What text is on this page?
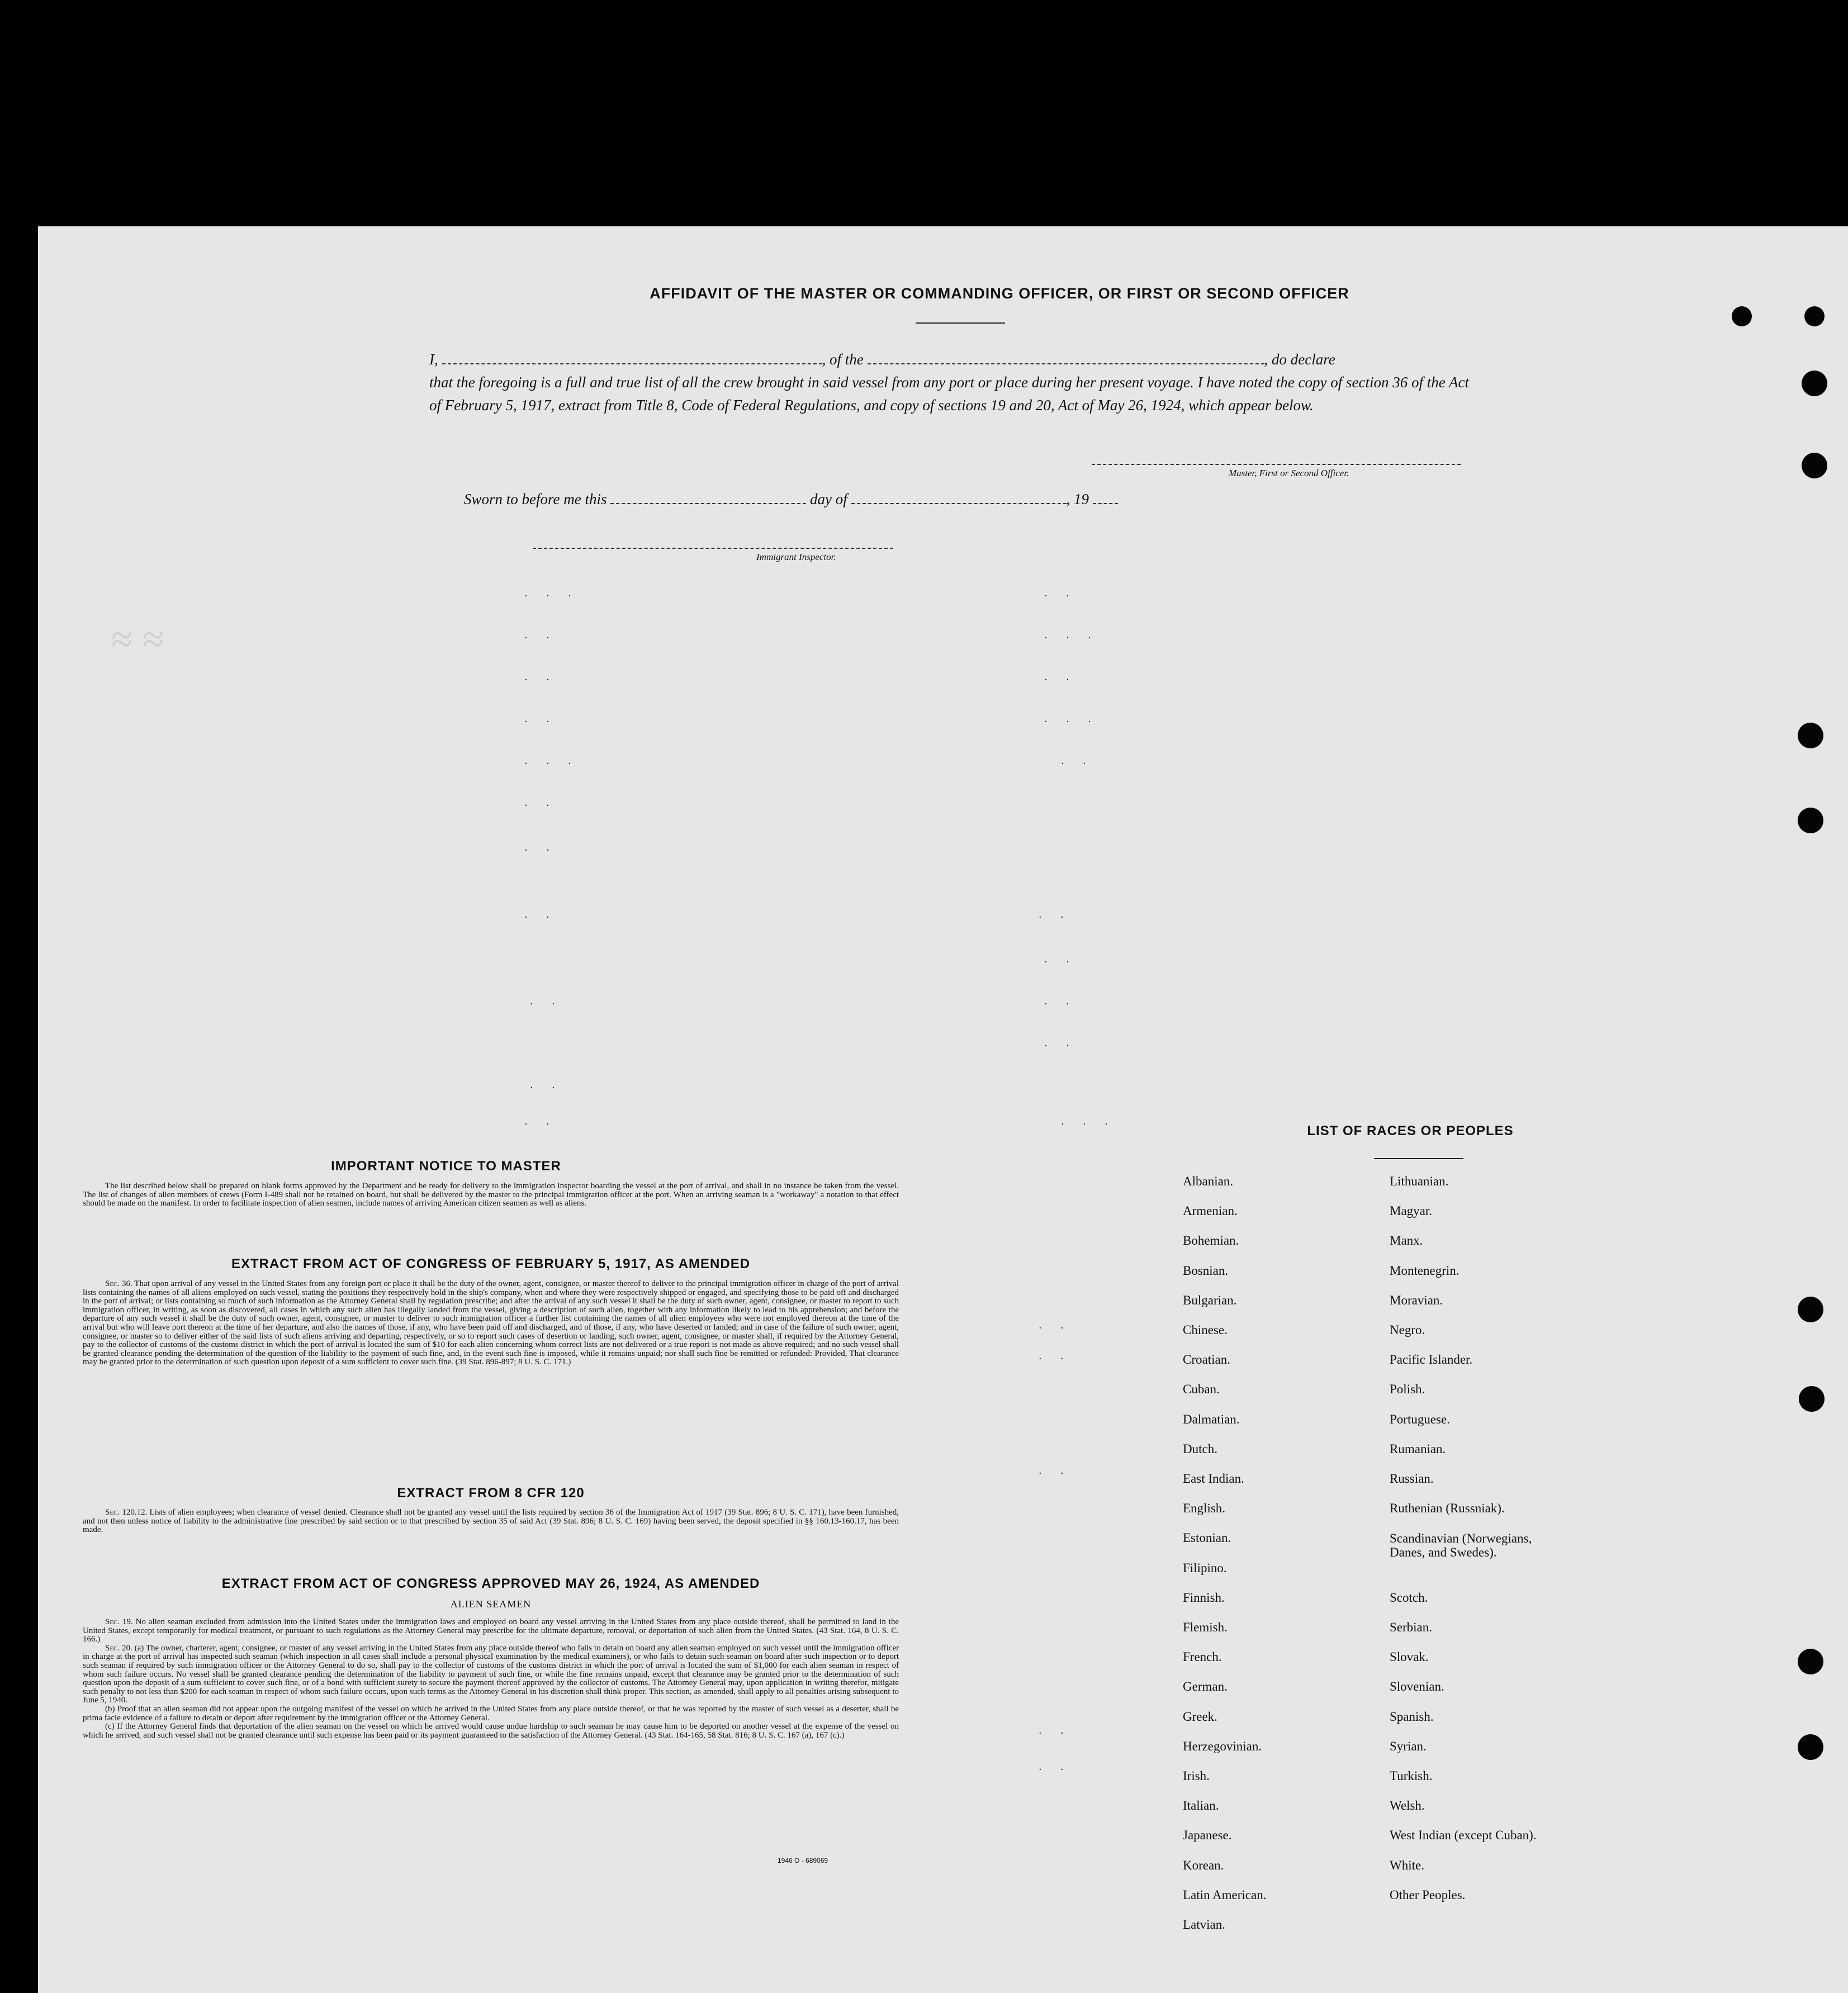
≈ ≈
AFFIDAVIT OF THE MASTER OR COMMANDING OFFICER, OR FIRST OR SECOND OFFICER
I,	, of the	, do declare
that the foregoing is a full and true list of all the crew brought in said vessel from any port or place during her present voyage. I have noted the copy of section 36 of the Act of February 5, 1917, extract from Title 8, Code of Federal Regulations, and copy of sections 19 and 20, Act of May 26, 1924, which appear below.
Master, First or Second Officer.
Sworn to before me this	day of	, 19
Immigrant Inspector.
. . .	. .
. .	. . .
. .	. .
. .	. . .
. . .	. .
. .
. .
. .	. .
. .
. .	. .
. .
. .
. . .
. .
. .
. .
. .
. .
. .
IMPORTANT NOTICE TO MASTER

The list described below shall be prepared on blank forms approved by the Department and be ready for delivery to the immigration inspector boarding the vessel at the port of arrival, and shall in no instance be taken from the vessel. The list of changes of alien members of crews (Form I-489 shall not be retained on board, but shall be delivered by the master to the principal immigration officer at the port. When an arriving seaman is a "workaway" a notation to that effect should be made on the manifest. In order to facilitate inspection of alien seamen, include names of arriving American citizen seamen as well as aliens.

EXTRACT FROM ACT OF CONGRESS OF FEBRUARY 5, 1917, AS AMENDED

Sec. 36. That upon arrival of any vessel in the United States from any foreign port or place it shall be the duty of the owner, agent, consignee, or master thereof to deliver to the principal immigration officer in charge of the port of arrival lists containing the names of all aliens employed on such vessel, stating the positions they respectively hold in the ship's company, when and where they were respectively shipped or engaged, and specifying those to be paid off and discharged in the port of arrival; or lists containing so much of such information as the Attorney General shall by regulation prescribe; and after the arrival of any such vessel it shall be the duty of such owner, agent, consignee, or master to report to such immigration officer, in writing, as soon as discovered, all cases in which any such alien has illegally landed from the vessel, giving a description of such alien, together with any information likely to lead to his apprehension; and before the departure of any such vessel it shall be the duty of such owner, agent, consignee, or master to deliver to such immigration officer a further list containing the names of all alien employees who were not employed thereon at the time of the arrival but who will leave port thereon at the time of her departure, and also the names of those, if any, who have been paid off and discharged, and of those, if any, who have deserted or landed; and in case of the failure of such owner, agent, consignee, or master so to deliver either of the said lists of such aliens arriving and departing, respectively, or so to report such cases of desertion or landing, such owner, agent, consignee, or master shall, if required by the Attorney General, pay to the collector of customs of the customs district in which the port of arrival is located the sum of $10 for each alien concerning whom correct lists are not delivered or a true report is not made as above required; and no such vessel shall be granted clearance pending the determination of the question of the liability to the payment of such fine, and, in the event such fine is imposed, while it remains unpaid; nor shall such fine be remitted or refunded: Provided, That clearance may be granted prior to the determination of such question upon deposit of a sum sufficient to cover such fine. (39 Stat. 896-897; 8 U. S. C. 171.)

EXTRACT FROM 8 CFR 120

Sec. 120.12. Lists of alien employees; when clearance of vessel denied. Clearance shall not be granted any vessel until the lists required by section 36 of the Immigration Act of 1917 (39 Stat. 896; 8 U. S. C. 171), have been furnished, and not then unless notice of liability to the administrative fine prescribed by said section or to that prescribed by section 35 of said Act (39 Stat. 896; 8 U. S. C. 169) having been served, the deposit specified in §§ 160.13-160.17, has been made.

EXTRACT FROM ACT OF CONGRESS APPROVED MAY 26, 1924, AS AMENDED
ALIEN SEAMEN

Sec. 19. No alien seaman excluded from admission into the United States under the immigration laws and employed on board any vessel arriving in the United States from any place outside thereof, shall be permitted to land in the United States, except temporarily for medical treatment, or pursuant to such regulations as the Attorney General may prescribe for the ultimate departure, removal, or deportation of such alien from the United States. (43 Stat. 164, 8 U. S. C. 166.)

Sec. 20. (a) The owner, charterer, agent, consignee, or master of any vessel arriving in the United States from any place outside thereof who fails to detain on board any alien seaman employed on such vessel until the immigration officer in charge at the port of arrival has inspected such seaman (which inspection in all cases shall include a personal physical examination by the medical examiners), or who fails to detain such seaman on board after such inspection or to deport such seaman if required by such immigration officer or the Attorney General to do so, shall pay to the collector of customs of the customs district in which the port of arrival is located the sum of $1,000 for each alien seaman in respect of whom such failure occurs. No vessel shall be granted clearance pending the determination of the liability to payment of such fine, or while the fine remains unpaid, except that clearance may be granted prior to the determination of such question upon the deposit of a sum sufficient to cover such fine, or of a bond with sufficient surety to secure the payment thereof approved by the collector of customs. The Attorney General may, upon application in writing therefor, mitigate such penalty to not less than $200 for each seaman in respect of whom such failure occurs, upon such terms as the Attorney General in his discretion shall think proper. This section, as amended, shall apply to all penalties arising subsequent to June 5, 1940.

(b) Proof that an alien seaman did not appear upon the outgoing manifest of the vessel on which he arrived in the United States from any place outside thereof, or that he was reported by the master of such vessel as a deserter, shall be prima facie evidence of a failure to detain or deport after requirement by the immigration officer or the Attorney General.

(c) If the Attorney General finds that deportation of the alien seaman on the vessel on which he arrived would cause undue hardship to such seaman he may cause him to be deported on another vessel at the expense of the vessel on which he arrived, and such vessel shall not be granted clearance until such expense has been paid or its payment guaranteed to the satisfaction of the Attorney General. (43 Stat. 164-165, 58 Stat. 816; 8 U. S. C. 167 (a), 167 (c).)

1946 O - 689069
LIST OF RACES OR PEOPLES
Albanian.
Armenian.
Bohemian.
Bosnian.
Bulgarian.
Chinese.
Croatian.
Cuban.
Dalmatian.
Dutch.
East Indian.
English.
Estonian.
Filipino.
Finnish.
Flemish.
French.
German.
Greek.
Herzegovinian.
Irish.
Italian.
Japanese.
Korean.
Latin American.
Latvian.
Lithuanian.
Magyar.
Manx.
Montenegrin.
Moravian.
Negro.
Pacific Islander.
Polish.
Portuguese.
Rumanian.
Russian.
Ruthenian (Russniak).
Scandinavian (Norwegians, Danes, and Swedes).
Scotch.
Serbian.
Slovak.
Slovenian.
Spanish.
Syrian.
Turkish.
Welsh.
West Indian (except Cuban).
White.
Other Peoples.
